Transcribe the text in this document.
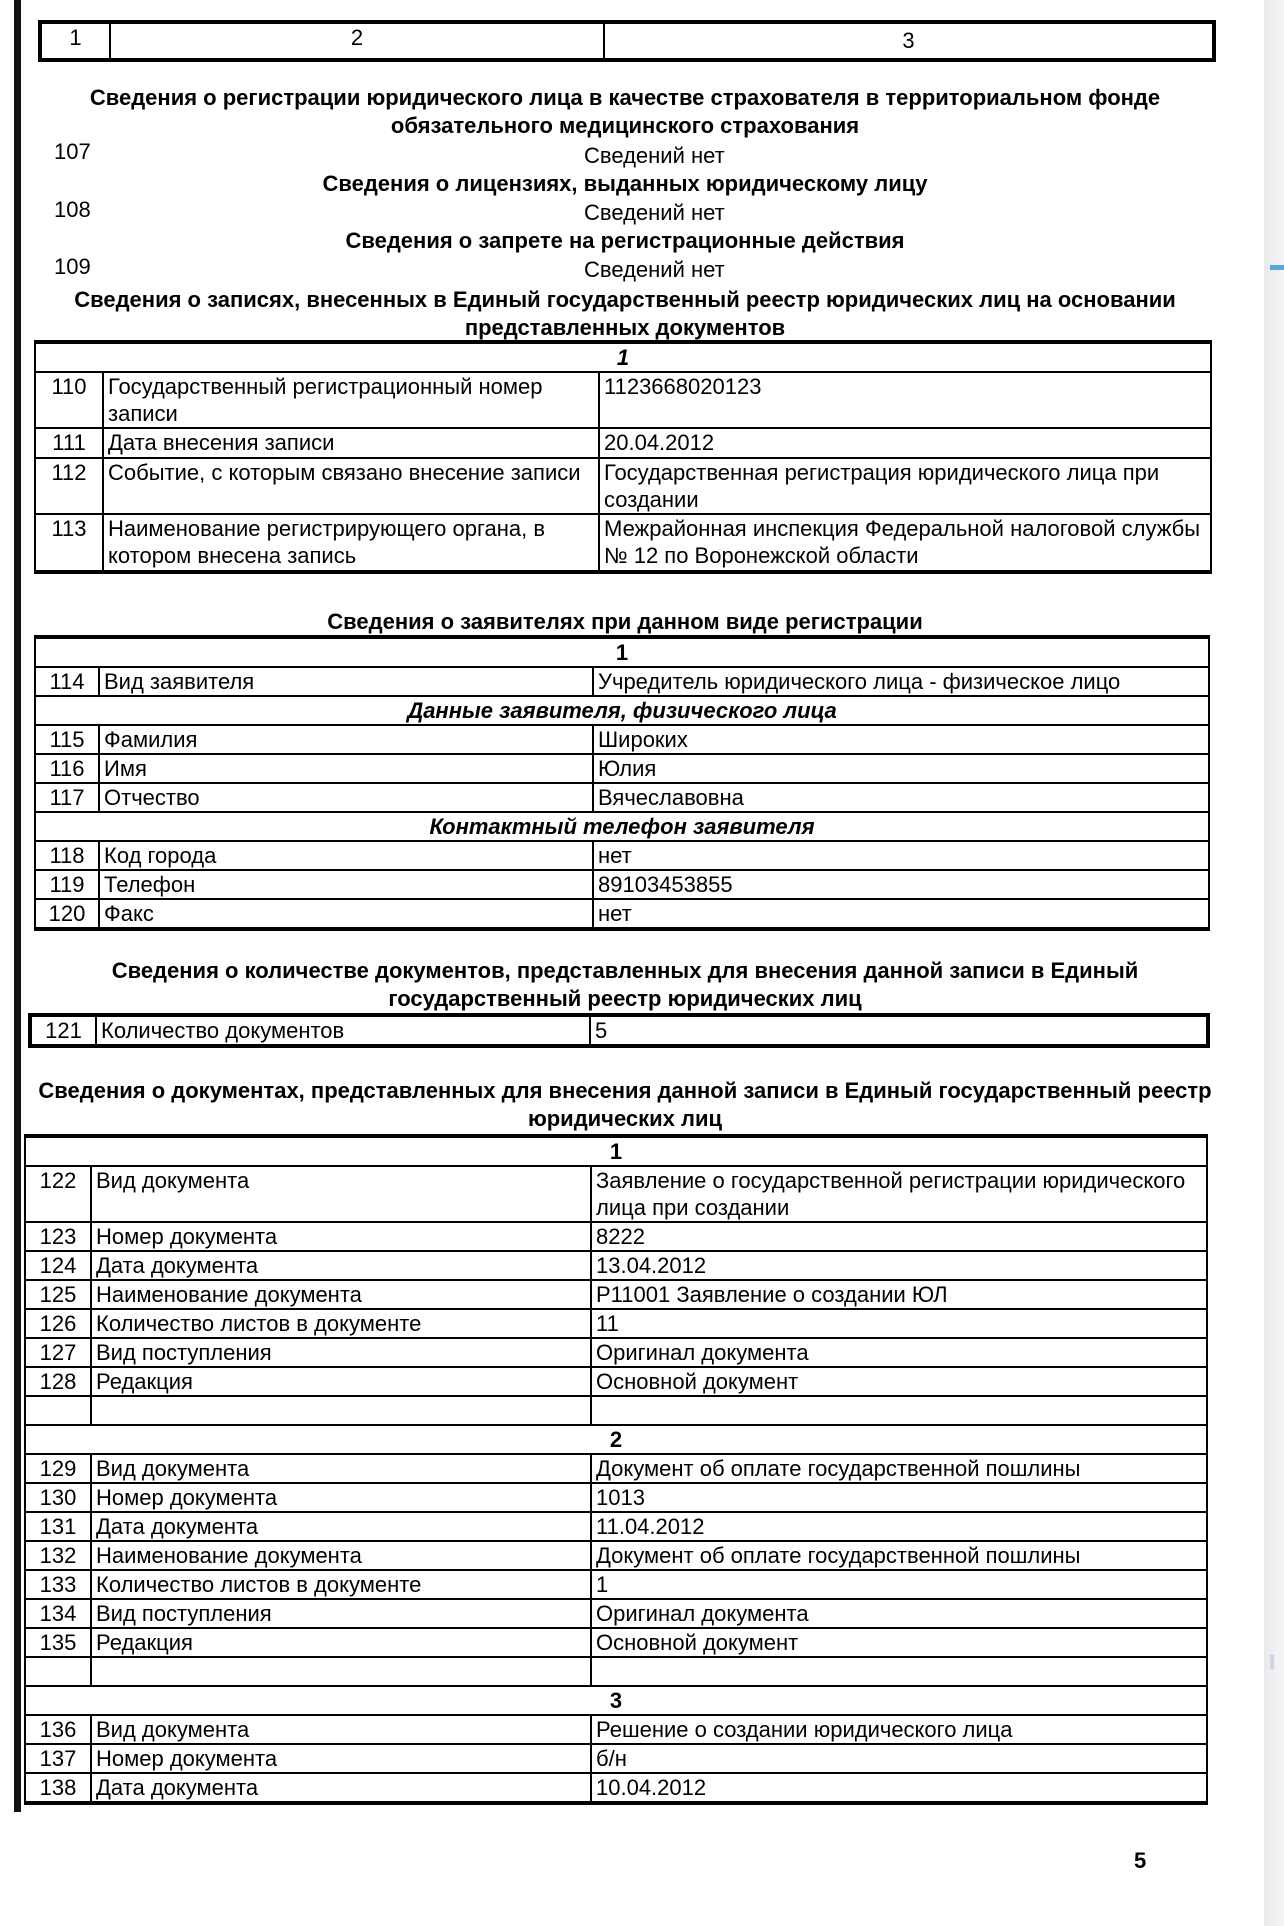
1	2	3
Сведения о регистрации юридического лица в качестве страхователя в территориальном фонде обязательного медицинского страхования
107	Сведений нет
Сведения о лицензиях, выданных юридическому лицу
108	Сведений нет
Сведения о запрете на регистрационные действия
109	Сведений нет
Сведения о записях, внесенных в Единый государственный реестр юридических лиц на основании представленных документов
1		
110	Государственный регистрационный номер записи	1123668020123
111	Дата внесения записи	20.04.2012
112	Событие, с которым связано внесение записи	Государственная регистрация юридического лица при создании
113	Наименование регистрирующего органа, в котором внесена запись	Межрайонная инспекция Федеральной налоговой службы № 12 по Воронежской области
Сведения о заявителях при данном виде регистрации
1		
114	Вид заявителя	Учредитель юридического лица - физическое лицо
Данные заявителя, физического лица		
115	Фамилия	Широких
116	Имя	Юлия
117	Отчество	Вячеславовна
Контактный телефон заявителя		
118	Код города	нет
119	Телефон	89103453855
120	Факс	нет
Сведения о количестве документов, представленных для внесения данной записи в Единый государственный реестр юридических лиц
121	Количество документов	5
Сведения о документах, представленных для внесения данной записи в Единый государственный реестр юридических лиц
1		
122	Вид документа	Заявление о государственной регистрации юридического лица при создании
123	Номер документа	8222
124	Дата документа	13.04.2012
125	Наименование документа	Р11001 Заявление о создании ЮЛ
126	Количество листов в документе	11
127	Вид поступления	Оригинал документа
128	Редакция	Основной документ

2		
129	Вид документа	Документ об оплате государственной пошлины
130	Номер документа	1013
131	Дата документа	11.04.2012
132	Наименование документа	Документ об оплате государственной пошлины
133	Количество листов в документе	1
134	Вид поступления	Оригинал документа
135	Редакция	Основной документ

3		
136	Вид документа	Решение о создании юридического лица
137	Номер документа	б/н
138	Дата документа	10.04.2012
5
